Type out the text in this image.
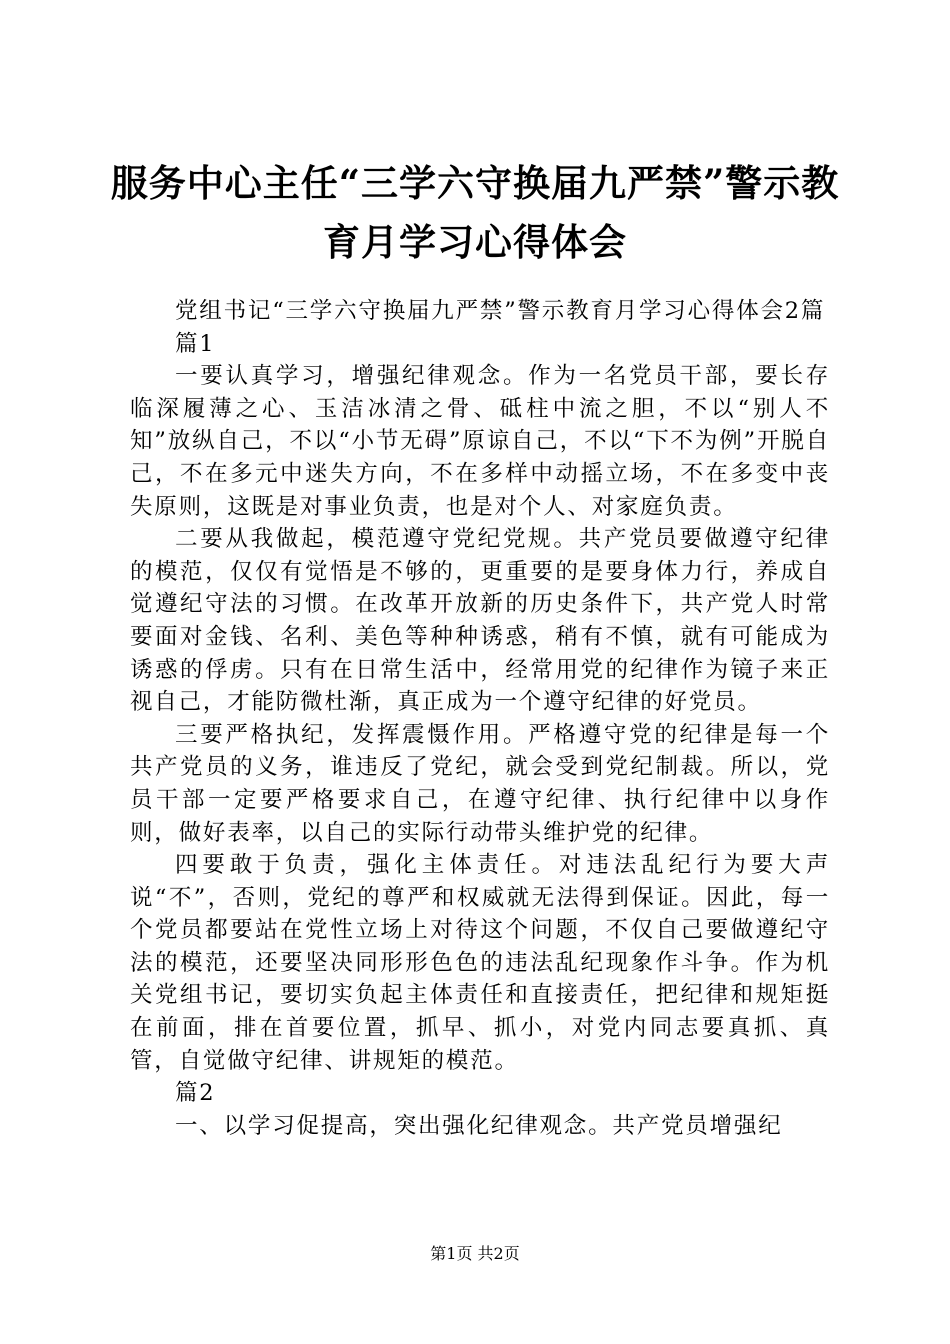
服务中心主任“三学六守换届九严禁”警示教
育月学习心得体会

党组书记“三学六守换届九严禁”警示教育月学习心得体会2篇

篇1

一要认真学习，增强纪律观念。作为一名党员干部，要长存临深履薄之心、玉洁冰清之骨、砥柱中流之胆，不以“别人不知”放纵自己，不以“小节无碍”原谅自己，不以“下不为例”开脱自己，不在多元中迷失方向，不在多样中动摇立场，不在多变中丧失原则，这既是对事业负责，也是对个人、对家庭负责。

二要从我做起，模范遵守党纪党规。共产党员要做遵守纪律的模范，仅仅有觉悟是不够的，更重要的是要身体力行，养成自觉遵纪守法的习惯。在改革开放新的历史条件下，共产党人时常要面对金钱、名利、美色等种种诱惑，稍有不慎，就有可能成为诱惑的俘虏。只有在日常生活中，经常用党的纪律作为镜子来正视自己，才能防微杜渐，真正成为一个遵守纪律的好党员。

三要严格执纪，发挥震慑作用。严格遵守党的纪律是每一个共产党员的义务，谁违反了党纪，就会受到党纪制裁。所以，党员干部一定要严格要求自己，在遵守纪律、执行纪律中以身作则，做好表率，以自己的实际行动带头维护党的纪律。

四要敢于负责，强化主体责任。对违法乱纪行为要大声说“不”，否则，党纪的尊严和权威就无法得到保证。因此，每一个党员都要站在党性立场上对待这个问题，不仅自己要做遵纪守法的模范，还要坚决同形形色色的违法乱纪现象作斗争。作为机关党组书记，要切实负起主体责任和直接责任，把纪律和规矩挺在前面，排在首要位置，抓早、抓小，对党内同志要真抓、真管，自觉做守纪律、讲规矩的模范。

篇2

一、以学习促提高，突出强化纪律观念。共产党员增强纪

第1页 共2页
